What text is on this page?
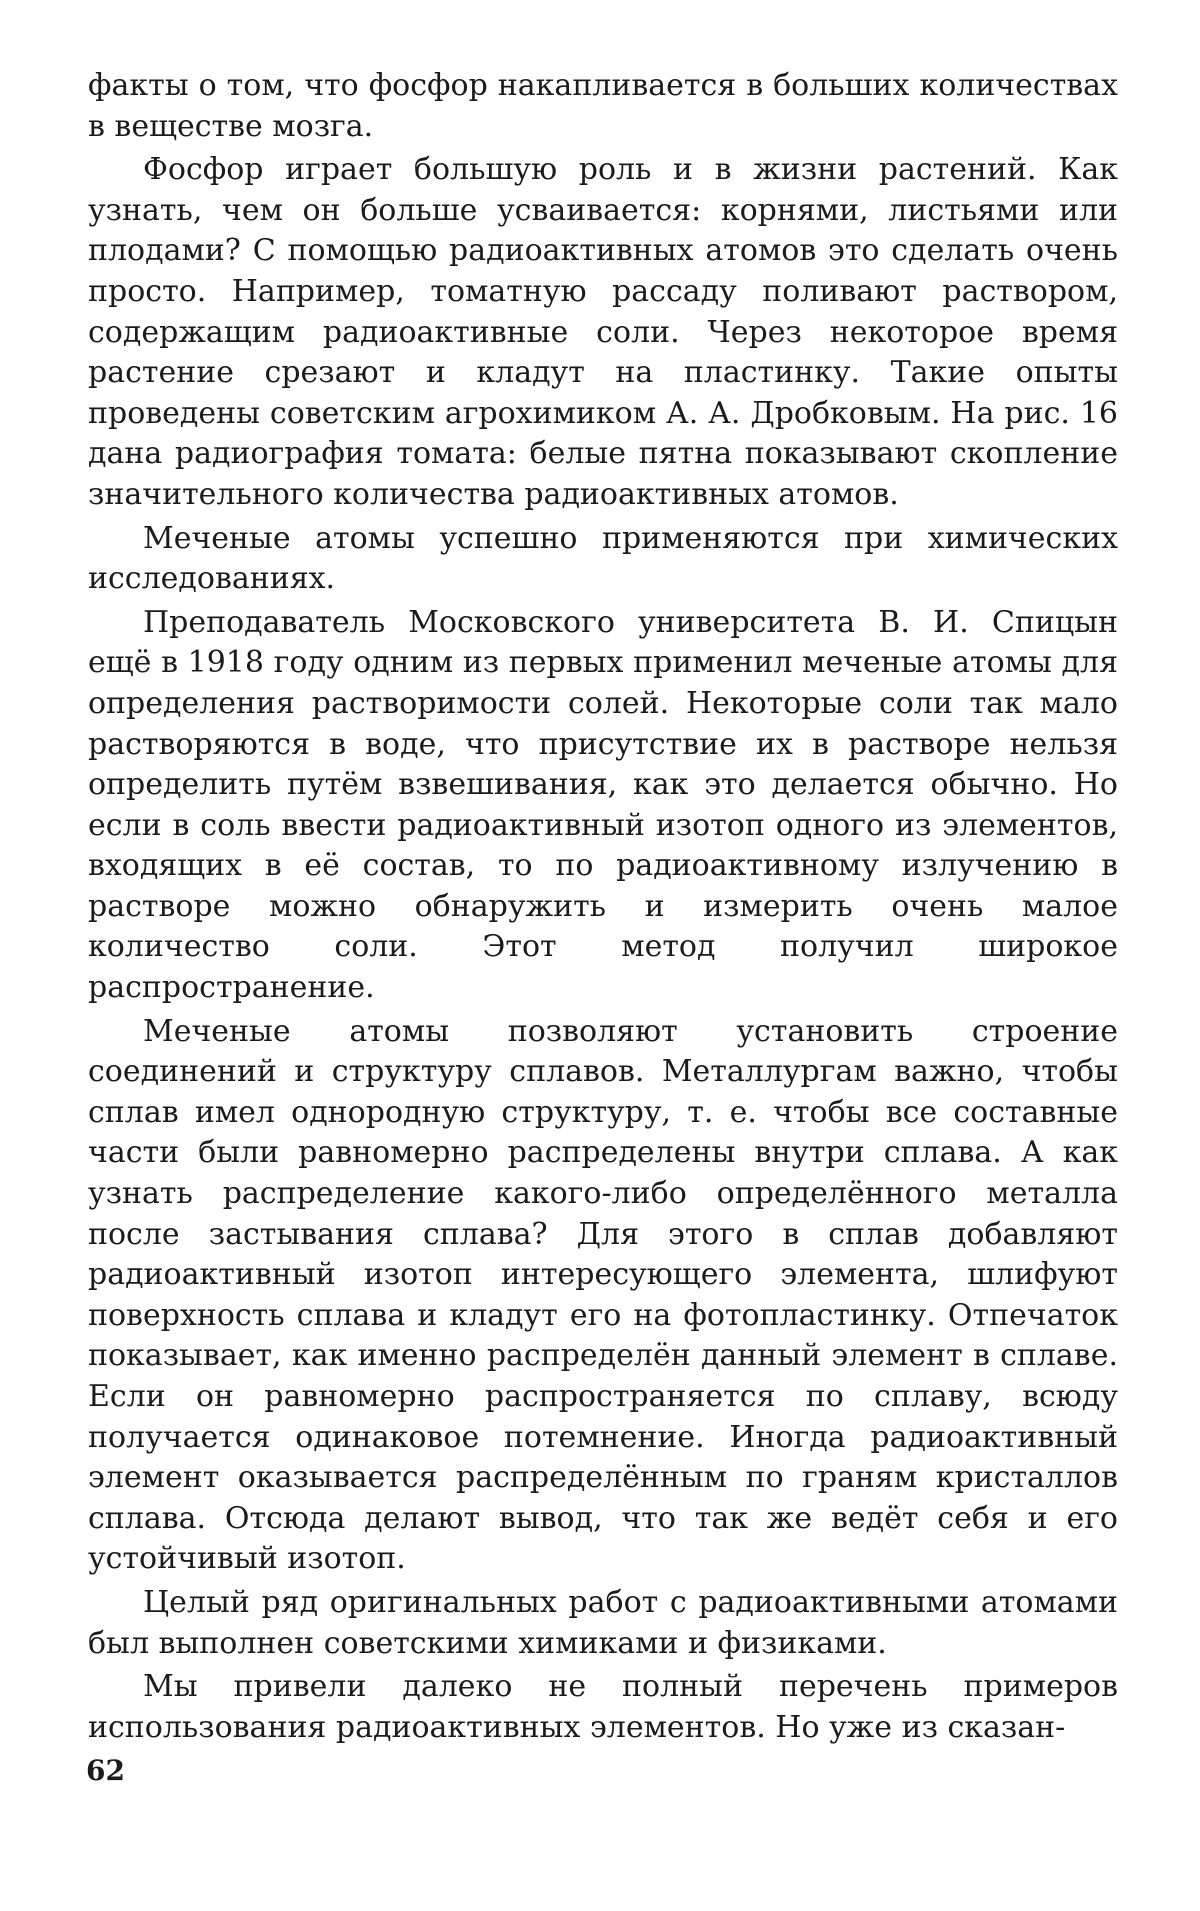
факты о том, что фосфор накапливается в больших количествах в веществе мозга.

Фосфор играет большую роль и в жизни растений. Как узнать, чем он больше усваивается: корнями, листьями или плодами? С помощью радиоактивных атомов это сделать очень просто. Например, томатную рассаду поливают раствором, содержащим радиоактивные соли. Через некоторое время растение срезают и кладут на пластинку. Такие опыты проведены советским агрохимиком А. А. Дробковым. На рис. 16 дана радиография томата: белые пятна показывают скопление значительного количества радиоактивных атомов.

Меченые атомы успешно применяются при химических исследованиях.

Преподаватель Московского университета В. И. Спицын ещё в 1918 году одним из первых применил меченые атомы для определения растворимости солей. Некоторые соли так мало растворяются в воде, что присутствие их в растворе нельзя определить путём взвешивания, как это делается обычно. Но если в соль ввести радиоактивный изотоп одного из элементов, входящих в её состав, то по радиоактивному излучению в растворе можно обнаружить и измерить очень малое количество соли. Этот метод получил широкое распространение.

Меченые атомы позволяют установить строение соединений и структуру сплавов. Металлургам важно, чтобы сплав имел однородную структуру, т. е. чтобы все составные части были равномерно распределены внутри сплава. А как узнать распределение какого-либо определённого металла после застывания сплава? Для этого в сплав добавляют радиоактивный изотоп интересующего элемента, шлифуют поверхность сплава и кладут его на фотопластинку. Отпечаток показывает, как именно распределён данный элемент в сплаве. Если он равномерно распространяется по сплаву, всюду получается одинаковое потемнение. Иногда радиоактивный элемент оказывается распределённым по граням кристаллов сплава. Отсюда делают вывод, что так же ведёт себя и его устойчивый изотоп.

Целый ряд оригинальных работ с радиоактивными атомами был выполнен советскими химиками и физиками.

Мы привели далеко не полный перечень примеров использования радиоактивных элементов. Но уже из сказан-

62
